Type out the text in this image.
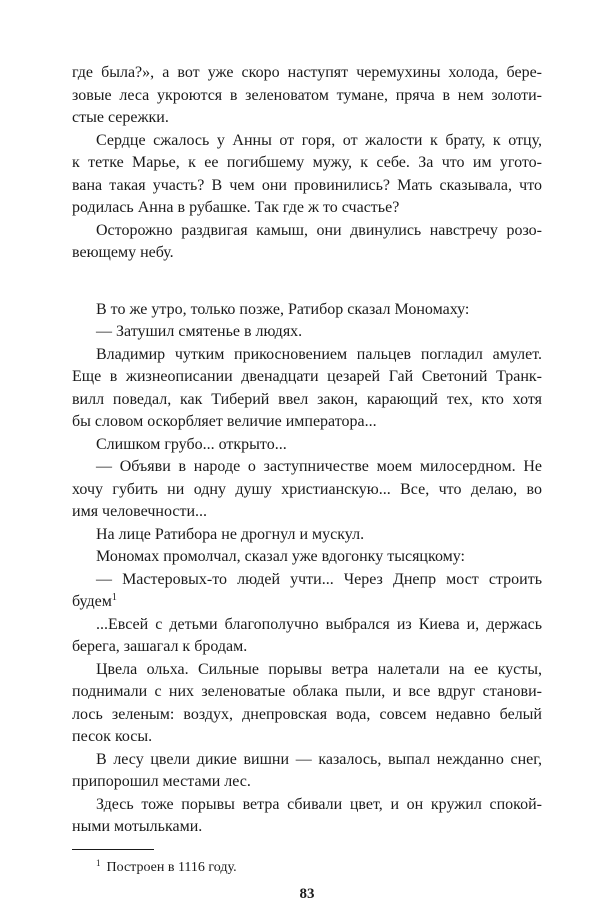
где была?», а вот уже скоро наступят черемухины холода, бере-
зовые леса укроются в зеленоватом тумане, пряча в нем золоти-
стые сережки.
Сердце сжалось у Анны от горя, от жалости к брату, к отцу,
к тетке Марье, к ее погибшему мужу, к себе. За что им угото-
вана такая участь? В чем они провинились? Мать сказывала, что
родилась Анна в рубашке. Так где ж то счастье?
Осторожно раздвигая камыш, они двинулись навстречу розо-
веющему небу.
В то же утро, только позже, Ратибор сказал Мономаху:
— Затушил смятенье в людях.
Владимир чутким прикосновением пальцев погладил амулет.
Еще в жизнеописании двенадцати цезарей Гай Светоний Транк-
вилл поведал, как Тиберий ввел закон, карающий тех, кто хотя
бы словом оскорбляет величие императора...
Слишком грубо... открыто...
— Объяви в народе о заступничестве моем милосердном. Не
хочу губить ни одну душу христианскую... Все, что делаю, во
имя человечности...
На лице Ратибора не дрогнул и мускул.
Мономах промолчал, сказал уже вдогонку тысяцкому:
— Мастеровых-то людей учти... Через Днепр мост строить
будем$^1$
...Евсей с детьми благополучно выбрался из Киева и, держась
берега, зашагал к бродам.
Цвела ольха. Сильные порывы ветра налетали на ее кусты,
поднимали с них зеленоватые облака пыли, и все вдруг станови-
лось зеленым: воздух, днепровская вода, совсем недавно белый
песок косы.
В лесу цвели дикие вишни — казалось, выпал нежданно снег,
припорошил местами лес.
Здесь тоже порывы ветра сбивали цвет, и он кружил спокой-
ными мотыльками.
$^1$ Построен в 1116 году.
83
